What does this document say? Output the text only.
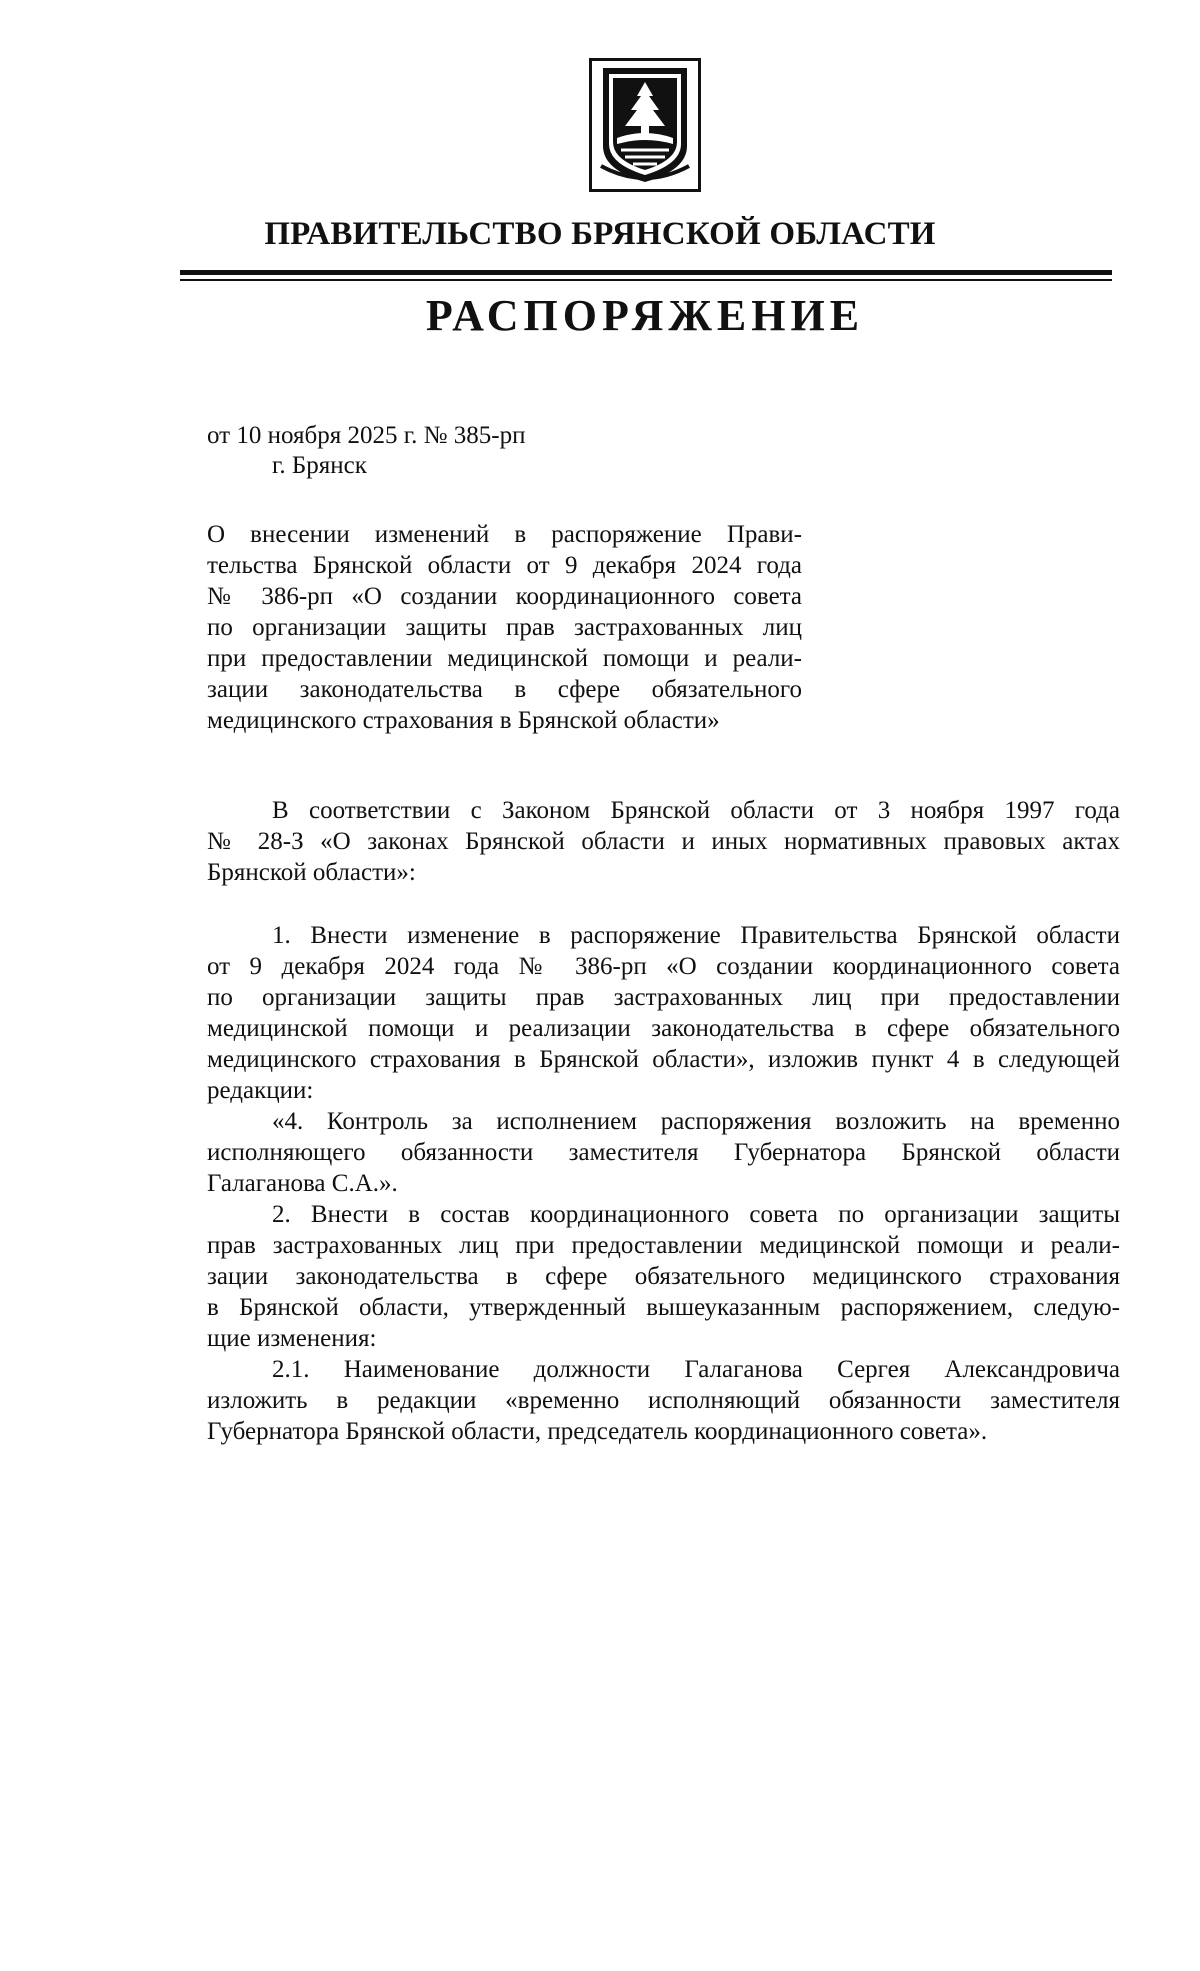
ПРАВИТЕЛЬСТВО БРЯНСКОЙ ОБЛАСТИ
РАСПОРЯЖЕНИЕ
от 10 ноября 2025 г. № 385-рп
г. Брянск
О внесении изменений в распоряжение Прави-
тельства Брянской области от 9 декабря 2024 года
№ 386-рп «О создании координационного совета
по организации защиты прав застрахованных лиц
при предоставлении медицинской помощи и реали-
зации законодательства в сфере обязательного
медицинского страхования в Брянской области»
В соответствии с Законом Брянской области от 3 ноября 1997 года
№ 28-З «О законах Брянской области и иных нормативных правовых актах
Брянской области»:
1. Внести изменение в распоряжение Правительства Брянской области
от 9 декабря 2024 года № 386-рп «О создании координационного совета
по организации защиты прав застрахованных лиц при предоставлении
медицинской помощи и реализации законодательства в сфере обязательного
медицинского страхования в Брянской области», изложив пункт 4 в следующей
редакции:
«4. Контроль за исполнением распоряжения возложить на временно
исполняющего обязанности заместителя Губернатора Брянской области
Галаганова С.А.».
2. Внести в состав координационного совета по организации защиты
прав застрахованных лиц при предоставлении медицинской помощи и реали-
зации законодательства в сфере обязательного медицинского страхования
в Брянской области, утвержденный вышеуказанным распоряжением, следую-
щие изменения:
2.1. Наименование должности Галаганова Сергея Александровича
изложить в редакции «временно исполняющий обязанности заместителя
Губернатора Брянской области, председатель координационного совета».
